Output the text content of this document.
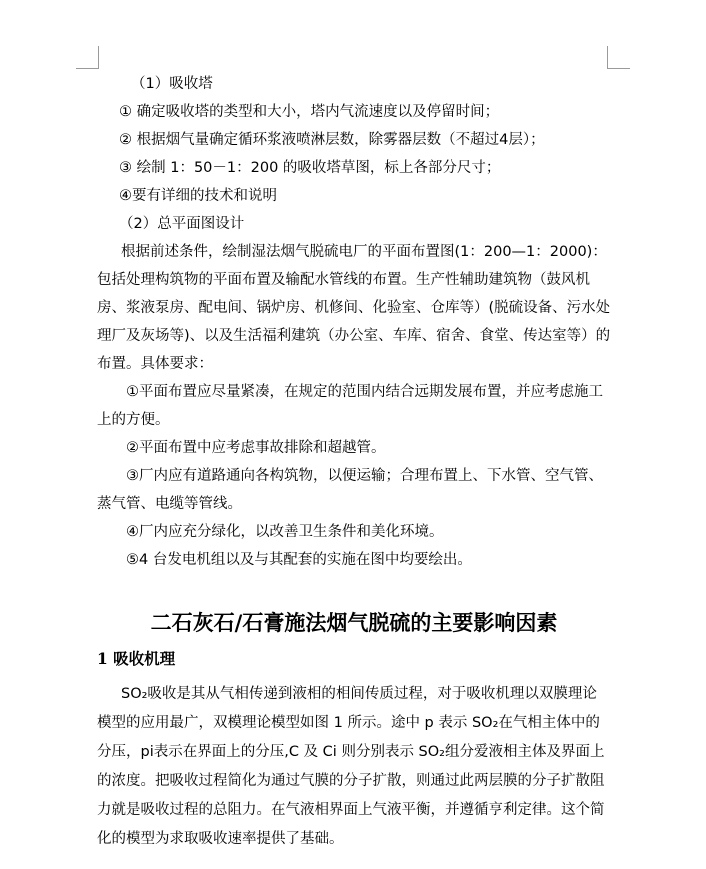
（1）吸收塔

① 确定吸收塔的类型和大小，塔内气流速度以及停留时间；

② 根据烟气量确定循环浆液喷淋层数，除雾器层数（不超过4层）；

③ 绘制 1：50－1：200 的吸收塔草图，标上各部分尺寸；

④要有详细的技术和说明

（2）总平面图设计

根据前述条件，绘制湿法烟气脱硫电厂的平面布置图(1：200—1：2000)：包括处理构筑物的平面布置及输配水管线的布置。生产性辅助建筑物（鼓风机房、浆液泵房、配电间、锅炉房、机修间、化验室、仓库等）(脱硫设备、污水处理厂及灰场等)、以及生活福利建筑（办公室、车库、宿舍、食堂、传达室等）的布置。具体要求：

①平面布置应尽量紧凑，在规定的范围内结合远期发展布置，并应考虑施工上的方便。

②平面布置中应考虑事故排除和超越管。

③厂内应有道路通向各构筑物，以便运输；合理布置上、下水管、空气管、蒸气管、电缆等管线。

④厂内应充分绿化，以改善卫生条件和美化环境。

⑤4 台发电机组以及与其配套的实施在图中均要绘出。

二石灰石/石膏施法烟气脱硫的主要影响因素
1 吸收机理

SO₂吸收是其从气相传递到液相的相间传质过程，对于吸收机理以双膜理论模型的应用最广，双模理论模型如图 1 所示。途中 p 表示 SO₂在气相主体中的分压，pi表示在界面上的分压,C 及 Ci 则分别表示 SO₂组分爱液相主体及界面上的浓度。把吸收过程简化为通过气膜的分子扩散，则通过此两层膜的分子扩散阻力就是吸收过程的总阻力。在气液相界面上气液平衡，并遵循亨利定律。这个简化的模型为求取吸收速率提供了基础。
